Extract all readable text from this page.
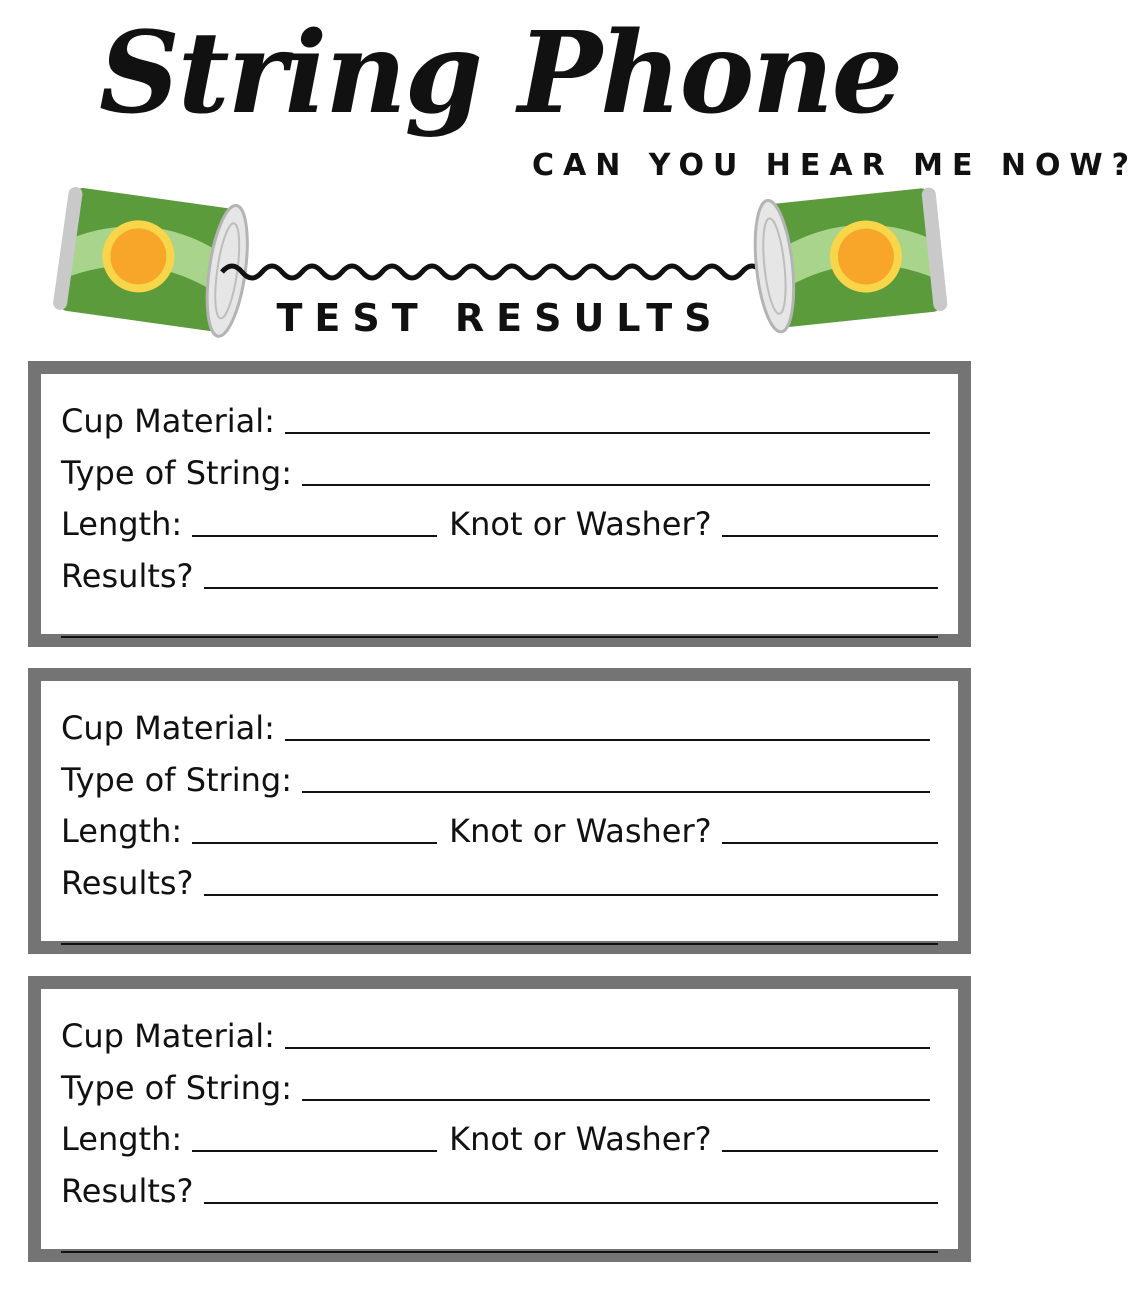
String Phone
CAN YOU HEAR ME NOW?
TEST RESULTS
Cup Material:
Type of String:
Length:	Knot or Washer?
Results?
Cup Material:
Type of String:
Length:	Knot or Washer?
Results?
Cup Material:
Type of String:
Length:	Knot or Washer?
Results?
